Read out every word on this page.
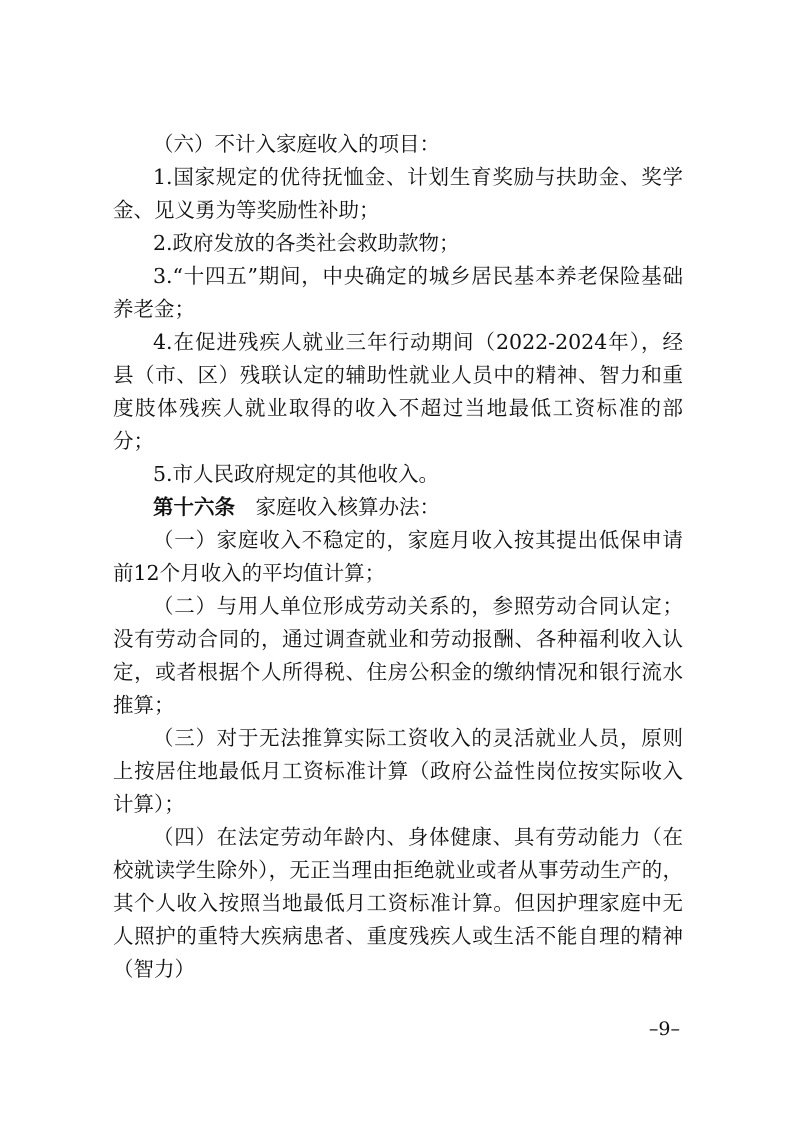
（六）不计入家庭收入的项目：

1.国家规定的优待抚恤金、计划生育奖励与扶助金、奖学金、见义勇为等奖励性补助；

2.政府发放的各类社会救助款物；

3.“十四五”期间，中央确定的城乡居民基本养老保险基础养老金；

4.在促进残疾人就业三年行动期间（2022-2024年），经县（市、区）残联认定的辅助性就业人员中的精神、智力和重度肢体残疾人就业取得的收入不超过当地最低工资标准的部分；

5.市人民政府规定的其他收入。

第十六条  家庭收入核算办法：

（一）家庭收入不稳定的，家庭月收入按其提出低保申请前12个月收入的平均值计算；

（二）与用人单位形成劳动关系的，参照劳动合同认定；没有劳动合同的，通过调查就业和劳动报酬、各种福利收入认定，或者根据个人所得税、住房公积金的缴纳情况和银行流水推算；

（三）对于无法推算实际工资收入的灵活就业人员，原则上按居住地最低月工资标准计算（政府公益性岗位按实际收入计算）；

（四）在法定劳动年龄内、身体健康、具有劳动能力（在校就读学生除外），无正当理由拒绝就业或者从事劳动生产的，其个人收入按照当地最低月工资标准计算。但因护理家庭中无人照护的重特大疾病患者、重度残疾人或生活不能自理的精神（智力）

–9–
